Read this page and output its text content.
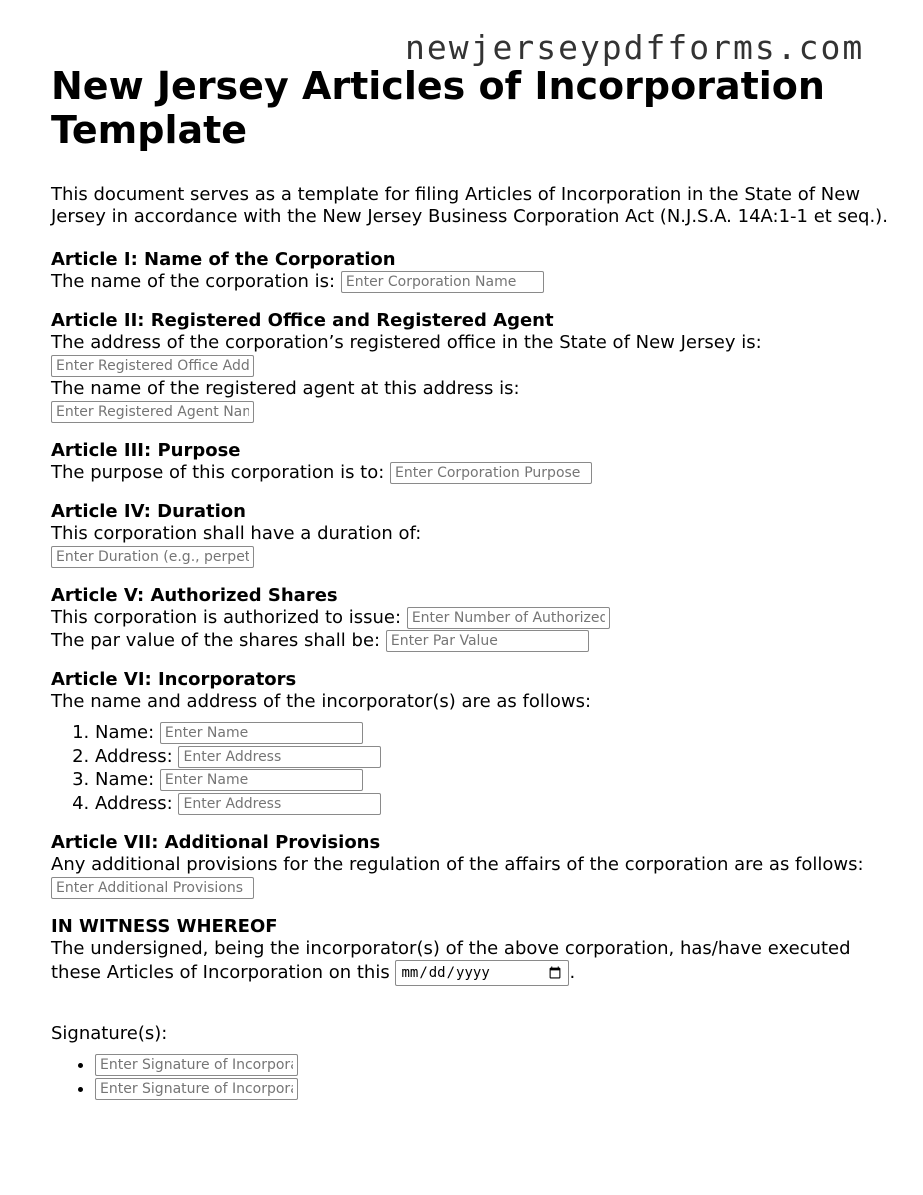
newjerseypdfforms.com
New Jersey Articles of Incorporation Template

This document serves as a template for filing Articles of Incorporation in the State of New Jersey in accordance with the New Jersey Business Corporation Act (N.J.S.A. 14A:1-1 et seq.).

Article I: Name of the Corporation

The name of the corporation is: Enter Corporation Name

Article II: Registered Office and Registered Agent

The address of the corporation’s registered office in the State of New Jersey is:

Enter Registered Office Address

The name of the registered agent at this address is:

Enter Registered Agent Name

Article III: Purpose

The purpose of this corporation is to: Enter Corporation Purpose

Article IV: Duration

This corporation shall have a duration of:

Enter Duration (e.g., perpetual)

Article V: Authorized Shares

This corporation is authorized to issue: Enter Number of Authorized Shares

The par value of the shares shall be: Enter Par Value

Article VI: Incorporators

The name and address of the incorporator(s) are as follows:

1. Name: Enter Name
2. Address: Enter Address
3. Name: Enter Name
4. Address: Enter Address
Article VII: Additional Provisions

Any additional provisions for the regulation of the affairs of the corporation are as follows:

Enter Additional Provisions

IN WITNESS WHEREOF

The undersigned, being the incorporator(s) of the above corporation, has/have executed these Articles of Incorporation on this mm/dd/yyyy	.

Signature(s):

• Enter Signature of Incorporator
• Enter Signature of Incorporator
